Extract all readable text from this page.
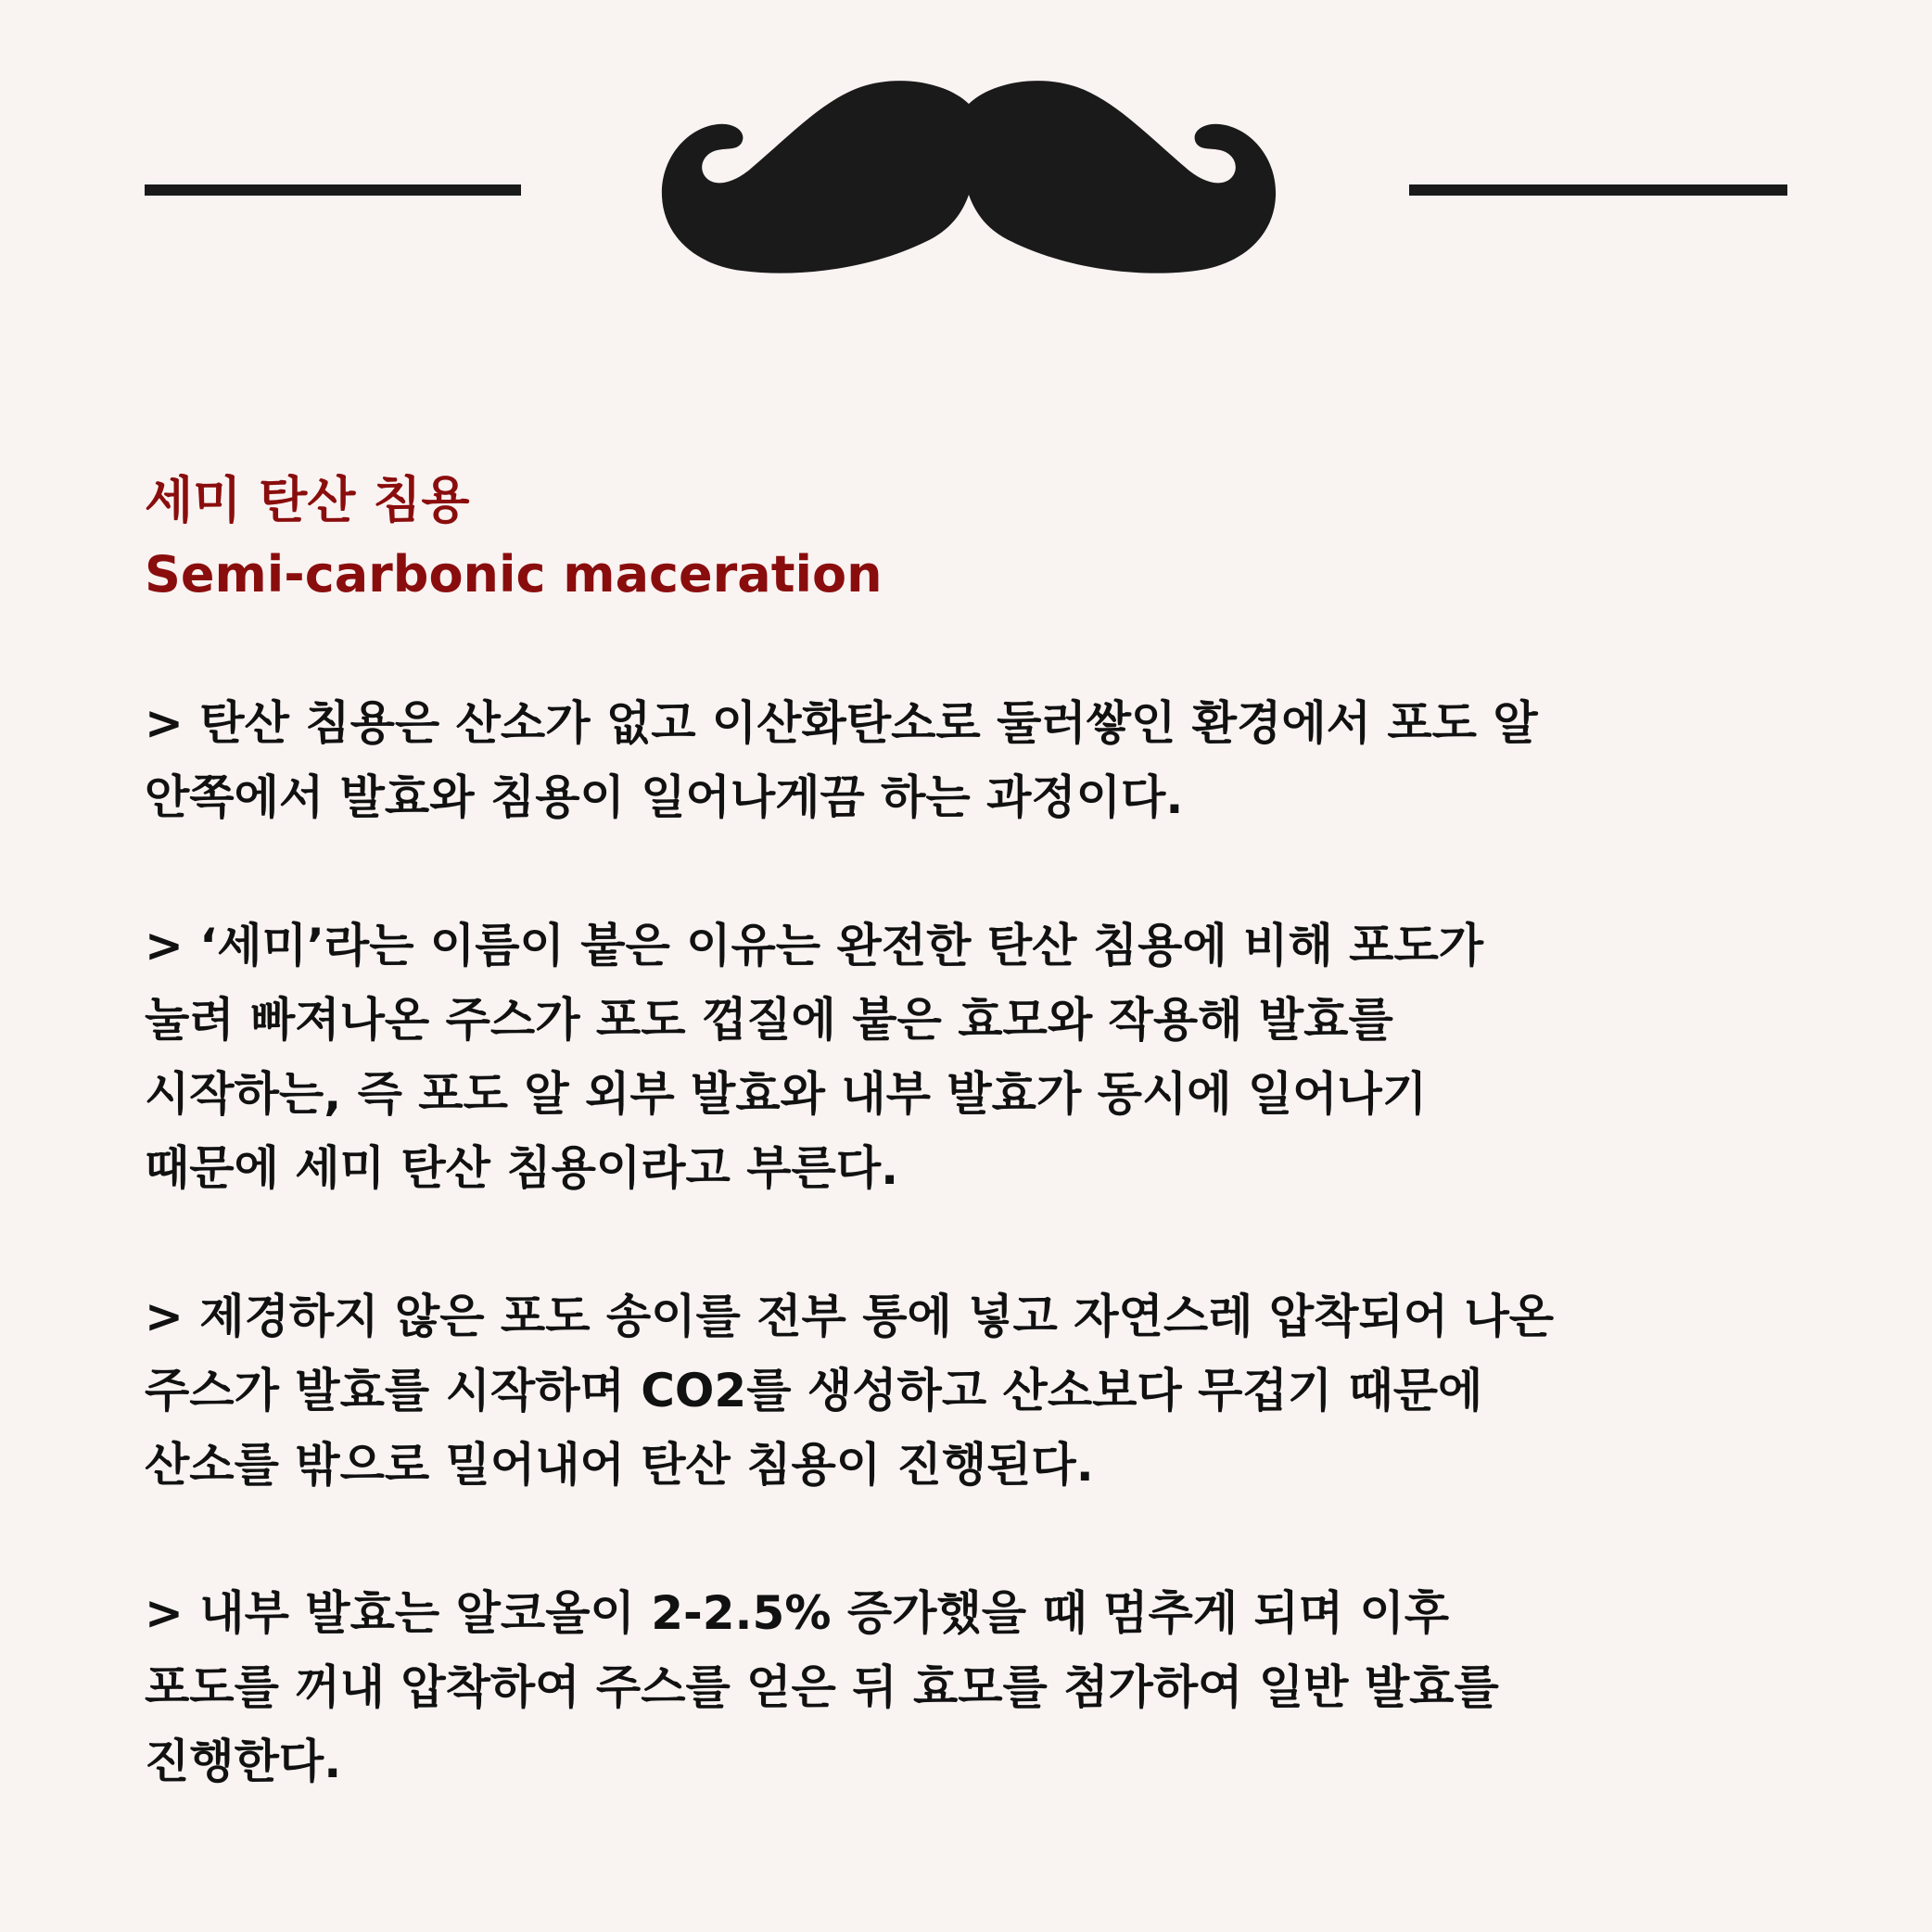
세미 탄산 침용

Semi-carbonic maceration

> 탄산 침용은 산소가 없고 이산화탄소로 둘러쌓인 환경에서 포도 알
안쪽에서 발효와 침용이 일어나게끔 하는 과정이다.

> ‘세미’라는 이름이 붙은 이유는 완전한 탄산 침용에 비해 포도가
눌려 빠져나온 주스가 포도 껍질에 붙은 효모와 작용해 발효를
시작하는, 즉 포도 알 외부 발효와 내부 발효가 동시에 일어나기
때문에 세미 탄산 침용이라고 부른다.

> 제경하지 않은 포도 송이를 전부 통에 넣고 자연스레 압착되어 나온
주스가 발효를 시작하며 CO2를 생성하고 산소보다 무겁기 때문에
산소를 밖으로 밀어내어 탄산 침용이 진행된다.

> 내부 발효는 알코올이 2-2.5% 증가했을 때 멈추게 되며 이후
포도를 꺼내 압착하여 주스를 얻은 뒤 효모를 첨가하여 일반 발효를
진행한다.
